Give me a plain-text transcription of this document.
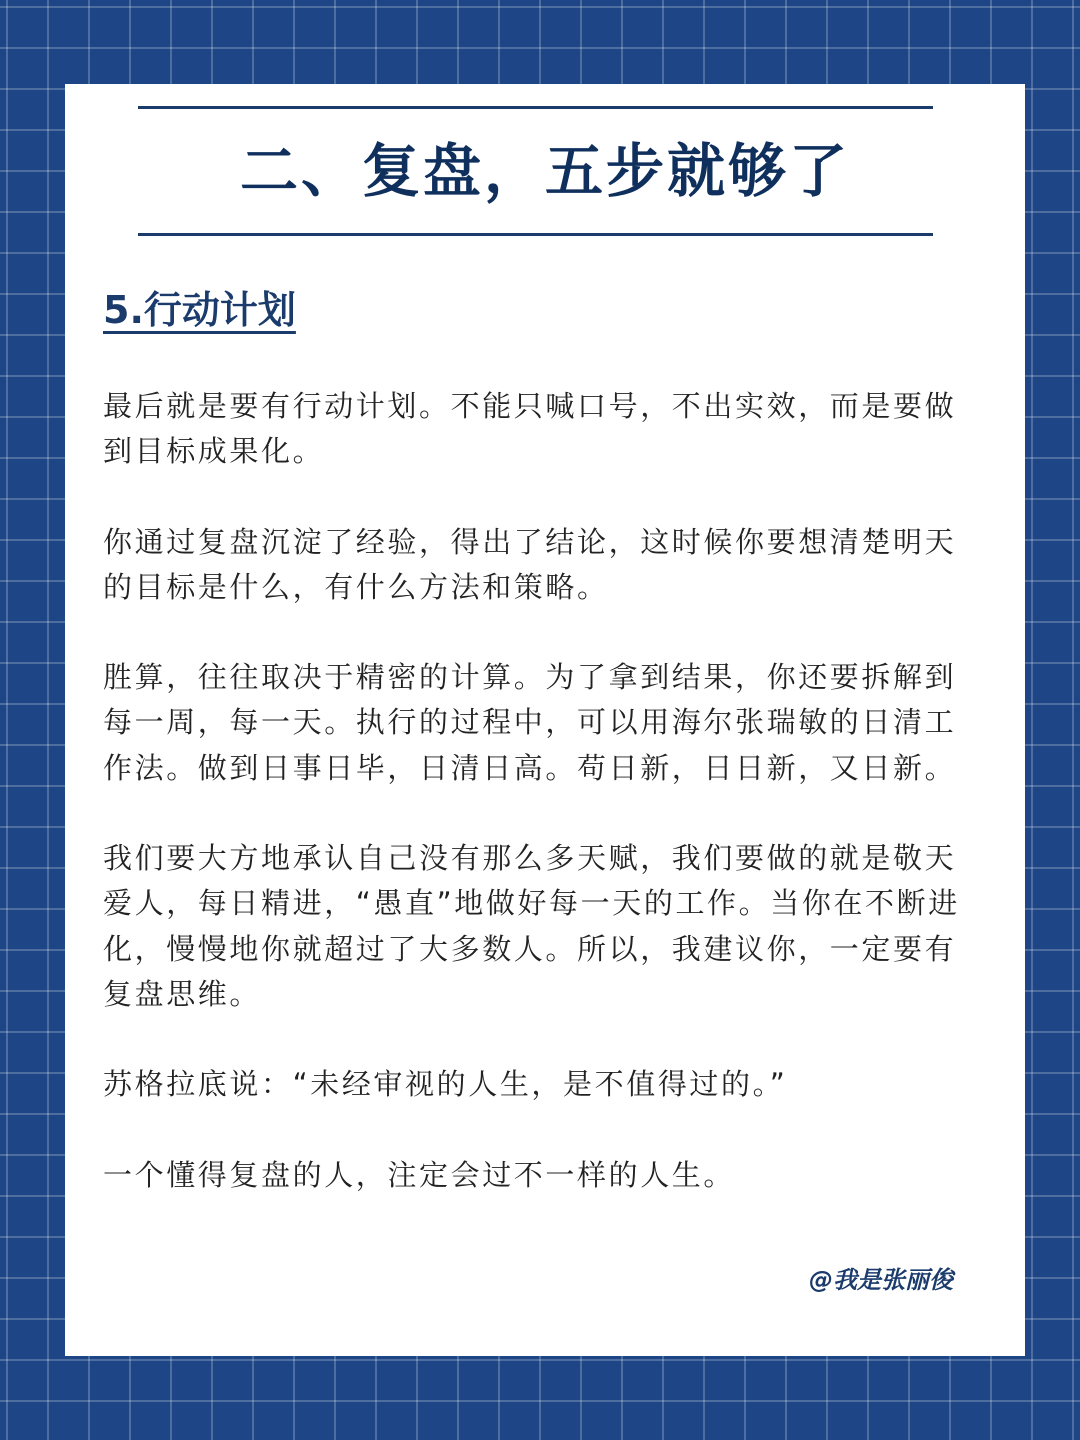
二、复盘，五步就够了
5.行动计划

最后就是要有行动计划。不能只喊口号，不出实效，而是要做到目标成果化。

你通过复盘沉淀了经验，得出了结论，这时候你要想清楚明天的目标是什么，有什么方法和策略。

胜算，往往取决于精密的计算。为了拿到结果，你还要拆解到每一周，每一天。执行的过程中，可以用海尔张瑞敏的日清工作法。做到日事日毕，日清日高。苟日新，日日新，又日新。

我们要大方地承认自己没有那么多天赋，我们要做的就是敬天爱人，每日精进，“愚直”地做好每一天的工作。当你在不断进化，慢慢地你就超过了大多数人。所以，我建议你，一定要有复盘思维。

苏格拉底说：“未经审视的人生，是不值得过的。”

一个懂得复盘的人，注定会过不一样的人生。

@我是张丽俊
